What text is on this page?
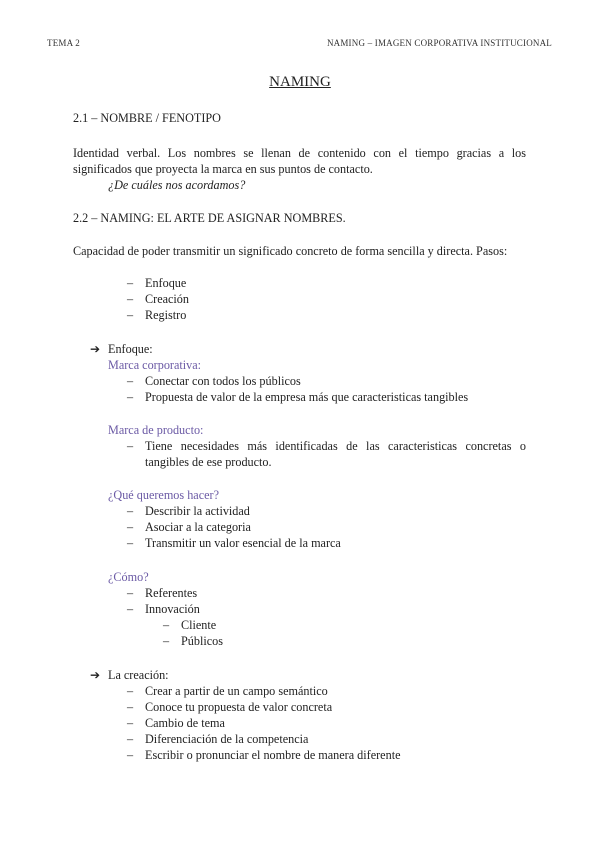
TEMA 2	NAMING – IMAGEN CORPORATIVA INSTITUCIONAL
NAMING
2.1 – NOMBRE / FENOTIPO
Identidad verbal. Los nombres se llenan de contenido con el tiempo gracias a los significados que proyecta la marca en sus puntos de contacto.
¿De cuáles nos acordamos?
2.2 – NAMING: EL ARTE DE ASIGNAR NOMBRES.
Capacidad de poder transmitir un significado concreto de forma sencilla y directa. Pasos:
– Enfoque
– Creación
– Registro
➔ Enfoque:
Marca corporativa:
– Conectar con todos los públicos
– Propuesta de valor de la empresa más que caracteristicas tangibles
Marca de producto:
– Tiene necesidades más identificadas de las caracteristicas concretas o
tangibles de ese producto.
¿Qué queremos hacer?
– Describir la actividad
– Asociar a la categoria
– Transmitir un valor esencial de la marca
¿Cómo?
– Referentes
– Innovación
– Cliente
– Públicos
➔ La creación:
– Crear a partir de un campo semántico
– Conoce tu propuesta de valor concreta
– Cambio de tema
– Diferenciación de la competencia
– Escribir o pronunciar el nombre de manera diferente
